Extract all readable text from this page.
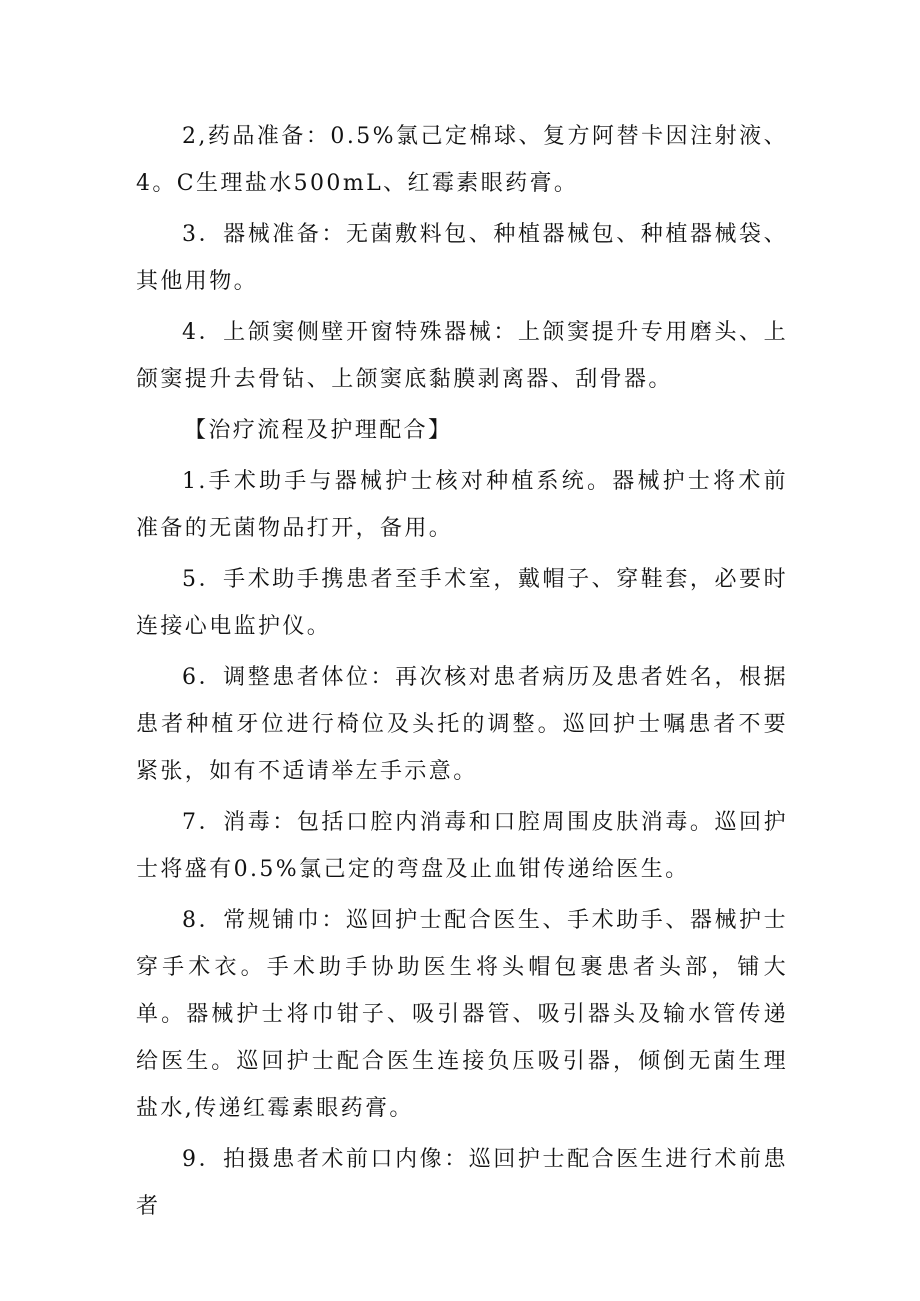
2,药品准备：0.5%氯己定棉球、复方阿替卡因注射液、4。C生理盐水500mL、红霉素眼药膏。

3．器械准备：无菌敷料包、种植器械包、种植器械袋、其他用物。

4．上颌窦侧壁开窗特殊器械：上颌窦提升专用磨头、上颌窦提升去骨钻、上颌窦底黏膜剥离器、刮骨器。

【治疗流程及护理配合】

1.手术助手与器械护士核对种植系统。器械护士将术前准备的无菌物品打开，备用。

5．手术助手携患者至手术室，戴帽子、穿鞋套，必要时连接心电监护仪。

6．调整患者体位：再次核对患者病历及患者姓名，根据患者种植牙位进行椅位及头托的调整。巡回护士嘱患者不要紧张，如有不适请举左手示意。

7．消毒：包括口腔内消毒和口腔周围皮肤消毒。巡回护士将盛有0.5%氯己定的弯盘及止血钳传递给医生。

8．常规铺巾：巡回护士配合医生、手术助手、器械护士穿手术衣。手术助手协助医生将头帽包裹患者头部，铺大单。器械护士将巾钳子、吸引器管、吸引器头及输水管传递给医生。巡回护士配合医生连接负压吸引器，倾倒无菌生理盐水,传递红霉素眼药膏。

9．拍摄患者术前口内像：巡回护士配合医生进行术前患者
